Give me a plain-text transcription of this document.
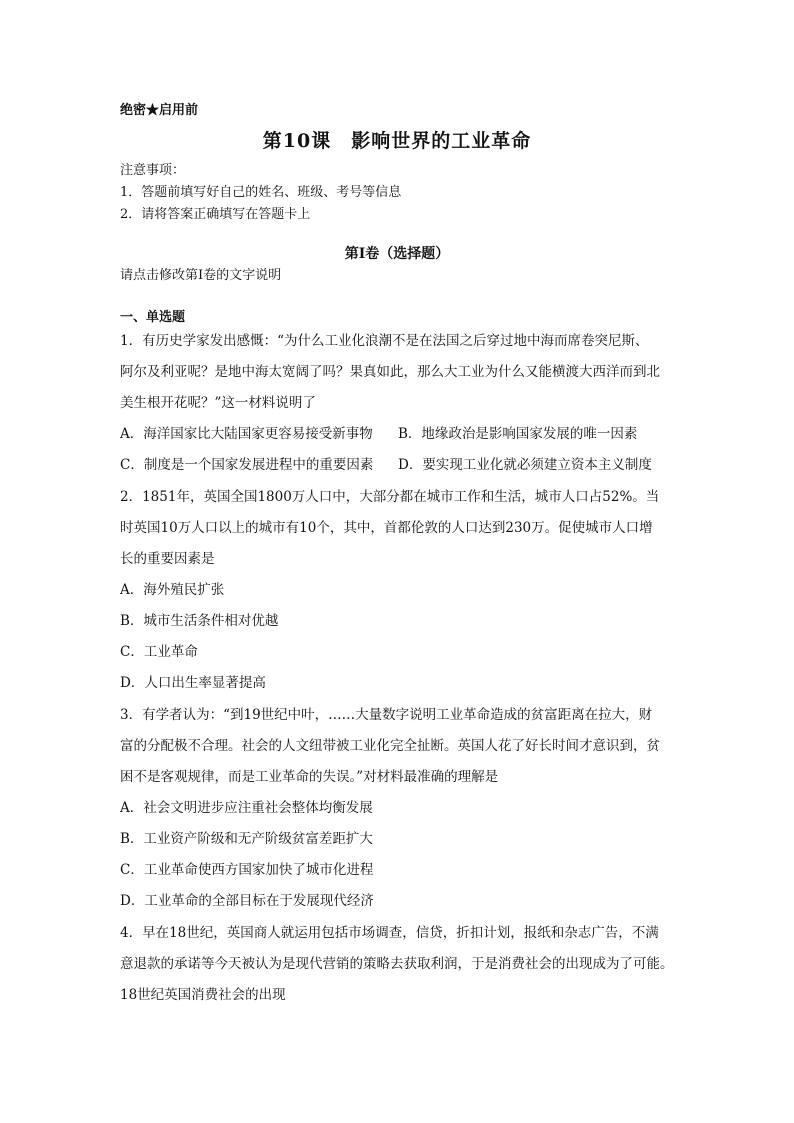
绝密★启用前
第10课　影响世界的工业革命
注意事项：
1．答题前填写好自己的姓名、班级、考号等信息
2．请将答案正确填写在答题卡上
第I卷（选择题）
请点击修改第I卷的文字说明
一、单选题
1．有历史学家发出感慨：“为什么工业化浪潮不是在法国之后穿过地中海而席卷突尼斯、
阿尔及利亚呢？是地中海太宽阔了吗？果真如此，那么大工业为什么又能横渡大西洋而到北
美生根开花呢？”这一材料说明了
A．海洋国家比大陆国家更容易接受新事物 B．地缘政治是影响国家发展的唯一因素
C．制度是一个国家发展进程中的重要因素 D．要实现工业化就必须建立资本主义制度
2．1851年，英国全国1800万人口中，大部分都在城市工作和生活，城市人口占52%。当
时英国10万人口以上的城市有10个，其中，首都伦敦的人口达到230万。促使城市人口增
长的重要因素是
A．海外殖民扩张
B．城市生活条件相对优越
C．工业革命
D．人口出生率显著提高
3．有学者认为：“到19世纪中叶，……大量数字说明工业革命造成的贫富距离在拉大，财
富的分配极不合理。社会的人文纽带被工业化完全扯断。英国人花了好长时间才意识到，贫
困不是客观规律，而是工业革命的失误。”对材料最准确的理解是
A．社会文明进步应注重社会整体均衡发展
B．工业资产阶级和无产阶级贫富差距扩大
C．工业革命使西方国家加快了城市化进程
D．工业革命的全部目标在于发展现代经济
4．早在18世纪，英国商人就运用包括市场调查，信贷，折扣计划，报纸和杂志广告，不满
意退款的承诺等今天被认为是现代营销的策略去获取利润，于是消费社会的出现成为了可能。
18世纪英国消费社会的出现
